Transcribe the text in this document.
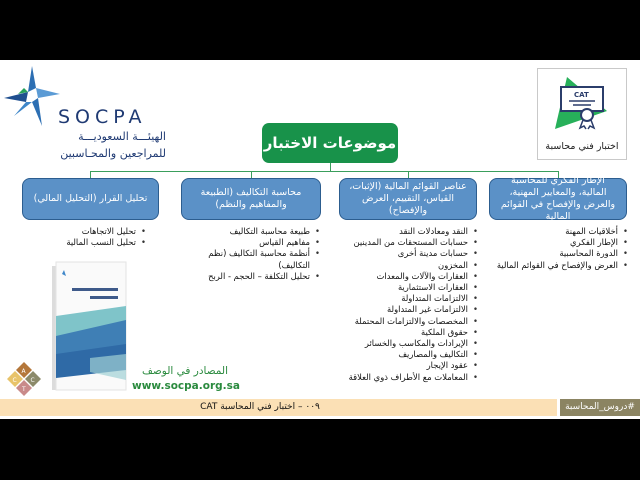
SOCPA
الهيئـــة السعوديـــة
للمراجعين والمحـاسبين
CAT
اختبار فني محاسبة
موضوعات الاختبار
الإطار الفكري للمحاسبة المالية، والمعايير المهنية، والعرض والإفصاح في القوائم المالية
عناصر القوائم المالية (الإثبات، القياس، التقييم، العرض والإفصاح)
محاسبة التكاليف (الطبيعة والمفاهيم والنظم)
تحليل القرار (التحليل المالي)
• أخلاقيات المهنة
• الإطار الفكري
• الدورة المحاسبية
• العرض والإفصاح في القوائم المالية
• النقد ومعادلات النقد
• حسابات المستحقات من المدينين
• حسابات مدينة أخرى
• المخزون
• العقارات والآلات والمعدات
• العقارات الاستثمارية
• الالتزامات المتداولة
• الالتزامات غير المتداولة
• المخصصات والالتزامات المحتملة
• حقوق الملكية
• الإيرادات والمكاسب والخسائر
• التكاليف والمصاريف
• عقود الإيجار
• المعاملات مع الأطراف ذوي العلاقة
• طبيعة محاسبة التكاليف
• مفاهيم القياس
• أنظمة محاسبة التكاليف (نظم التكاليف)
• تحليل التكلفة – الحجم - الربح
• تحليل الاتجاهات
• تحليل النسب المالية
المصادر في الوصف
www.socpa.org.sa
A
C C
T
٠٠٩ – اختبار فني المحاسبة CAT	#دروس_المحاسبة
